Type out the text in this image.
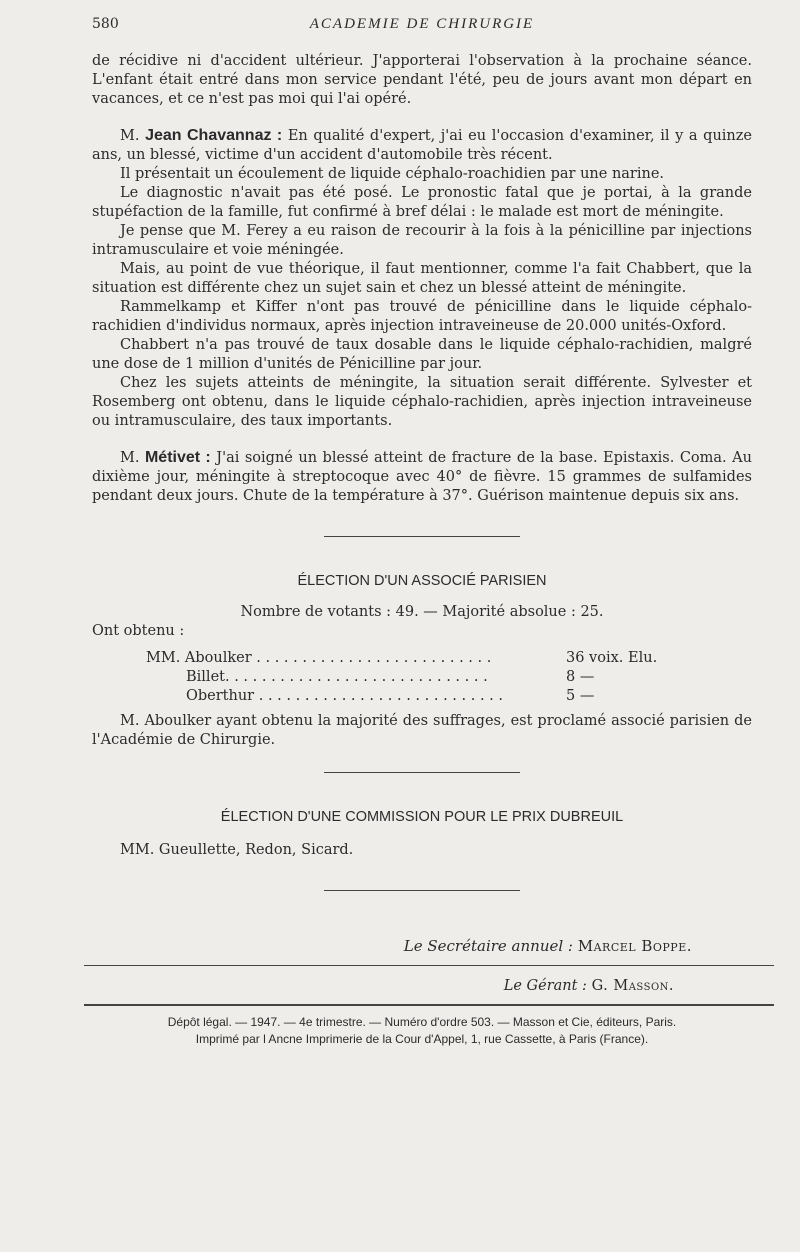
580	ACADEMIE DE CHIRURGIE

de récidive ni d'accident ultérieur. J'apporterai l'observation à la prochaine séance. L'enfant était entré dans mon service pendant l'été, peu de jours avant mon départ en vacances, et ce n'est pas moi qui l'ai opéré.

M. Jean Chavannaz : En qualité d'expert, j'ai eu l'occasion d'examiner, il y a quinze ans, un blessé, victime d'un accident d'automobile très récent.

Il présentait un écoulement de liquide céphalo-roachidien par une narine.

Le diagnostic n'avait pas été posé. Le pronostic fatal que je portai, à la grande stupéfaction de la famille, fut confirmé à bref délai : le malade est mort de méningite.

Je pense que M. Ferey a eu raison de recourir à la fois à la pénicilline par injections intramusculaire et voie méningée.

Mais, au point de vue théorique, il faut mentionner, comme l'a fait Chabbert, que la situation est différente chez un sujet sain et chez un blessé atteint de méningite.

Rammelkamp et Kiffer n'ont pas trouvé de pénicilline dans le liquide céphalo-rachidien d'individus normaux, après injection intraveineuse de 20.000 unités-Oxford.

Chabbert n'a pas trouvé de taux dosable dans le liquide céphalo-rachidien, malgré une dose de 1 million d'unités de Pénicilline par jour.

Chez les sujets atteints de méningite, la situation serait différente. Sylvester et Rosemberg ont obtenu, dans le liquide céphalo-rachidien, après injection intraveineuse ou intramusculaire, des taux importants.

M. Métivet : J'ai soigné un blessé atteint de fracture de la base. Epistaxis. Coma. Au dixième jour, méningite à streptocoque avec 40° de fièvre. 15 grammes de sulfamides pendant deux jours. Chute de la température à 37°. Guérison maintenue depuis six ans.

ÉLECTION D'UN ASSOCIÉ PARISIEN
Nombre de votants : 49. — Majorité absolue : 25.

Ont obtenu :

MM. Aboulker . . . . . . . . . . . . . . . . . . . . . . . . . .	36 voix. Elu.
Billet. . . . . . . . . . . . . . . . . . . . . . . . . . . . .	8 —
Oberthur . . . . . . . . . . . . . . . . . . . . . . . . . . .	5 —

M. Aboulker ayant obtenu la majorité des suffrages, est proclamé associé parisien de l'Académie de Chirurgie.

ÉLECTION D'UNE COMMISSION POUR LE PRIX DUBREUIL

MM. Gueullette, Redon, Sicard.

Le Secrétaire annuel : Marcel Boppe.
Le Gérant : G. Masson.
Dépôt légal. — 1947. — 4e trimestre. — Numéro d'ordre 503. — Masson et Cie, éditeurs, Paris.
Imprimé par l Ancne Imprimerie de la Cour d'Appel, 1, rue Cassette, à Paris (France).
